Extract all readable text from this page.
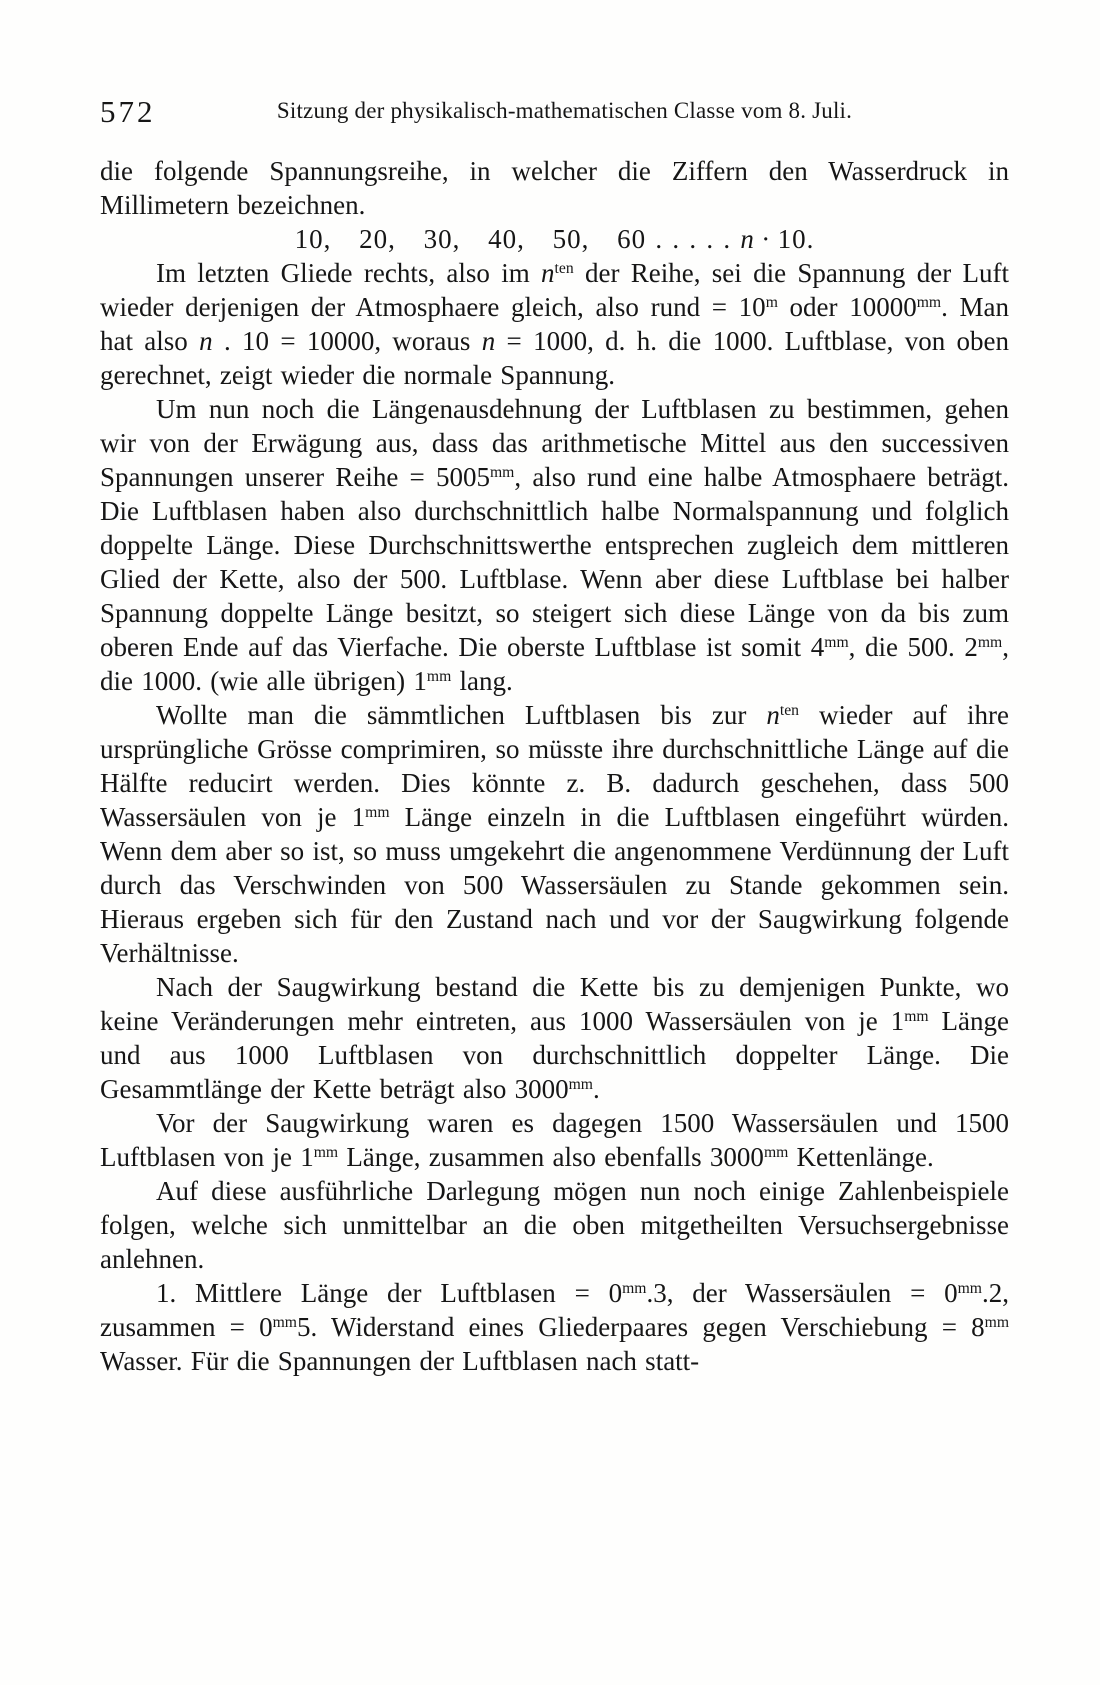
572	Sitzung der physikalisch-mathematischen Classe vom 8. Juli.

die folgende Spannungsreihe, in welcher die Ziffern den Wasserdruck in Millimetern bezeichnen.

10,   20,   30,   40,   50,   60 . . . . . n · 10.

Im letzten Gliede rechts, also im $n^{ten}$ der Reihe, sei die Spannung der Luft wieder derjenigen der Atmosphaere gleich, also rund = $10^m$ oder $10000^{mm}$. Man hat also n . 10 = 10000, woraus n = 1000, d. h. die 1000. Luftblase, von oben gerechnet, zeigt wieder die normale Spannung.

Um nun noch die Längenausdehnung der Luftblasen zu bestimmen, gehen wir von der Erwägung aus, dass das arithmetische Mittel aus den successiven Spannungen unserer Reihe = $5005^{mm}$, also rund eine halbe Atmosphaere beträgt. Die Luftblasen haben also durchschnittlich halbe Normalspannung und folglich doppelte Länge. Diese Durchschnittswerthe entsprechen zugleich dem mittleren Glied der Kette, also der 500. Luftblase. Wenn aber diese Luftblase bei halber Spannung doppelte Länge besitzt, so steigert sich diese Länge von da bis zum oberen Ende auf das Vierfache. Die oberste Luftblase ist somit $4^{mm}$, die 500. $2^{mm}$, die 1000. (wie alle übrigen) $1^{mm}$ lang.

Wollte man die sämmtlichen Luftblasen bis zur $n^{ten}$ wieder auf ihre ursprüngliche Grösse comprimiren, so müsste ihre durchschnittliche Länge auf die Hälfte reducirt werden. Dies könnte z. B. dadurch geschehen, dass 500 Wassersäulen von je $1^{mm}$ Länge einzeln in die Luftblasen eingeführt würden. Wenn dem aber so ist, so muss umgekehrt die angenommene Verdünnung der Luft durch das Verschwinden von 500 Wassersäulen zu Stande gekommen sein. Hieraus ergeben sich für den Zustand nach und vor der Saugwirkung folgende Verhältnisse.

Nach der Saugwirkung bestand die Kette bis zu demjenigen Punkte, wo keine Veränderungen mehr eintreten, aus 1000 Wassersäulen von je $1^{mm}$ Länge und aus 1000 Luftblasen von durchschnittlich doppelter Länge. Die Gesammtlänge der Kette beträgt also $3000^{mm}$.

Vor der Saugwirkung waren es dagegen 1500 Wassersäulen und 1500 Luftblasen von je $1^{mm}$ Länge, zusammen also ebenfalls $3000^{mm}$ Kettenlänge.

Auf diese ausführliche Darlegung mögen nun noch einige Zahlenbeispiele folgen, welche sich unmittelbar an die oben mitgetheilten Versuchsergebnisse anlehnen.

1. Mittlere Länge der Luftblasen = $0^{mm}.3$, der Wassersäulen = $0^{mm}.2$, zusammen = $0^{mm}5$. Widerstand eines Gliederpaares gegen Verschiebung = $8^{mm}$ Wasser. Für die Spannungen der Luftblasen nach statt-
